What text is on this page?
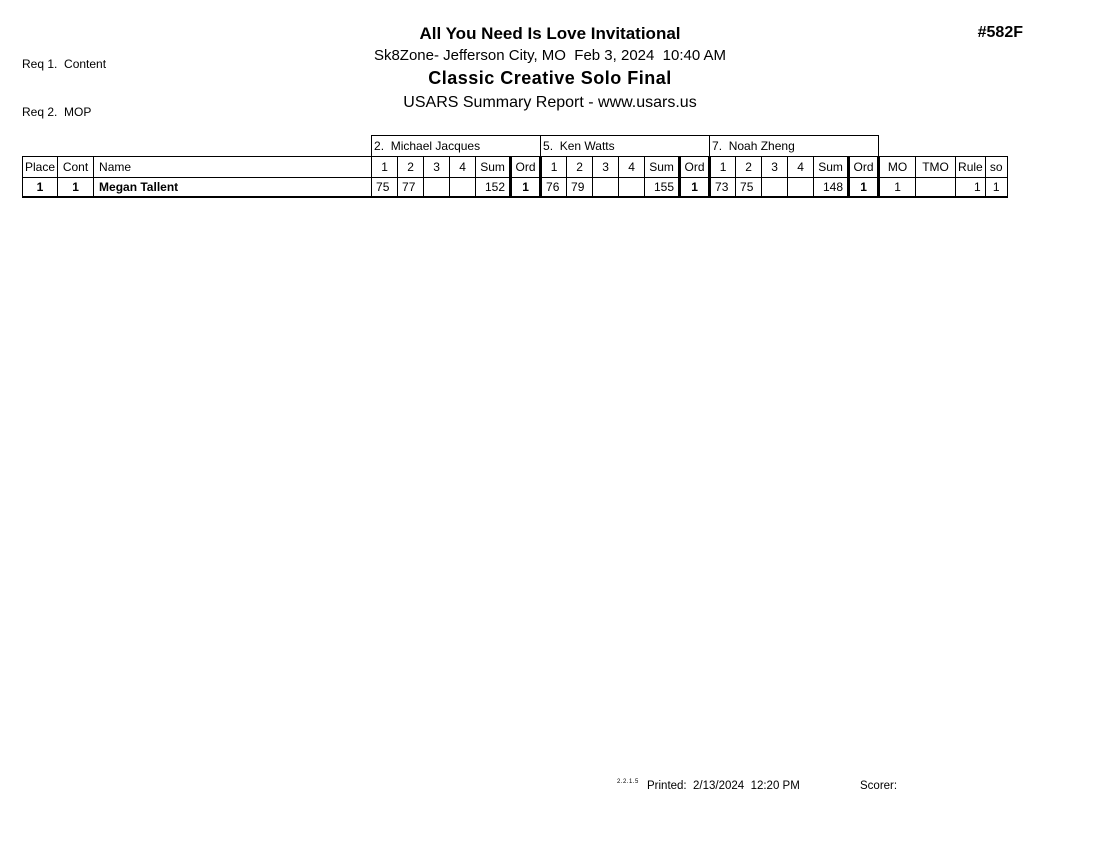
Req 1.  Content

Req 2.  MOP

All You Need Is Love Invitational
Sk8Zone- Jefferson City, MO  Feb 3, 2024  10:40 AM
Classic Creative Solo Final
USARS Summary Report - www.usars.us
#582F
			2.  Michael Jacques						5.  Ken Watts						7.  Noah Zheng									
Place	Cont	Name	1	2	3	4	Sum	Ord	1	2	3	4	Sum	Ord	1	2	3	4	Sum	Ord	MO	TMO	Rule	so
1	1	Megan Tallent	75	77			152	1	76	79			155	1	73	75			148	1	1		1	1
2.2.1.5 Printed:  2/13/2024  12:20 PM	Scorer:
